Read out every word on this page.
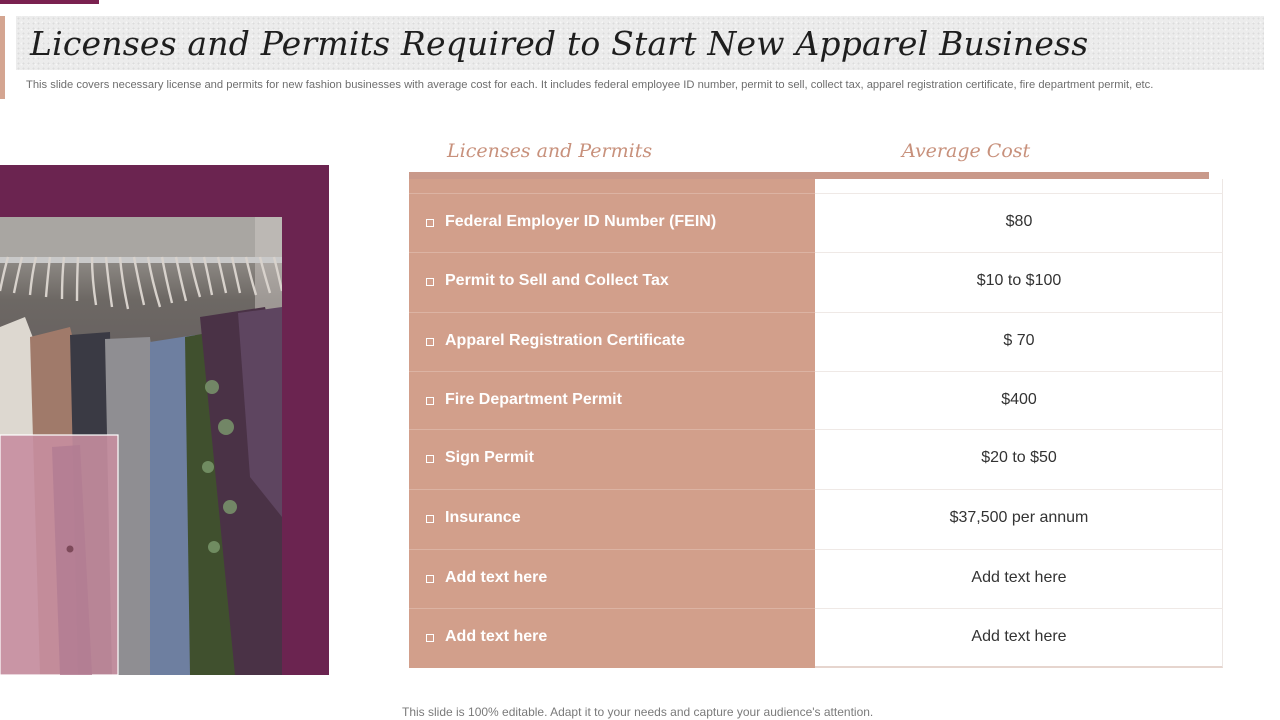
Licenses and Permits Required to Start New Apparel Business
This slide covers necessary license and permits for new fashion businesses with average cost for each. It includes federal employee ID number, permit to sell, collect tax, apparel registration certificate, fire department permit, etc.
Licenses and Permits	Average Cost
Federal Employer ID Number (FEIN)	$80
Permit to Sell and Collect Tax	$10 to $100
Apparel Registration Certificate	$ 70
Fire Department Permit	$400
Sign Permit	$20 to $50
Insurance	$37,500 per annum
Add text here	Add text here
Add text here	Add text here
This slide is 100% editable. Adapt it to your needs and capture your audience's attention.
